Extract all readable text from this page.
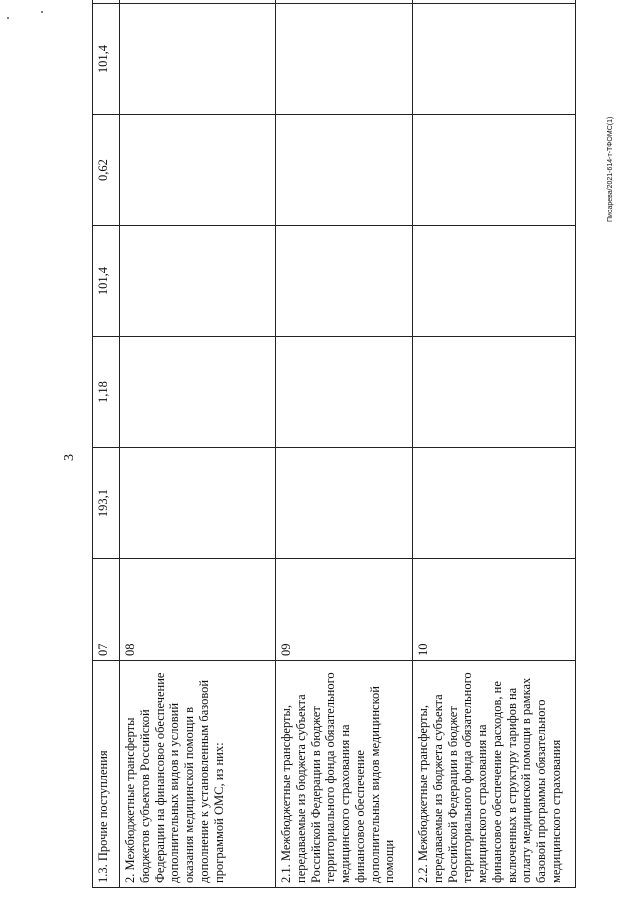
3
1.3. Прочие поступления	07	193,1	1,18	101,4	0,62	101,4	
2. Межбюджетные трансферты бюджетов субъектов Российской Федерации на финансовое обеспечение дополнительных видов и условий оказания медицинской помощи в дополнение к установленным базовой программой ОМС, из них:	08						
2.1. Межбюджетные трансферты, передаваемые из бюджета субъекта Российской Федерации в бюджет территориального фонда обязательного медицинского страхования на финансовое обеспечение дополнительных видов медицинской помощи	09						
2.2. Межбюджетные трансферты, передаваемые из бюджета субъекта Российской Федерации в бюджет территориального фонда обязательного медицинского страхования на финансовое обеспечение расходов, не включенных в структуру тарифов на оплату медицинской помощи в рамках базовой программы обязательного медицинского страхования	10						
Писарева/2021-614-т-ТФОМС(1)
